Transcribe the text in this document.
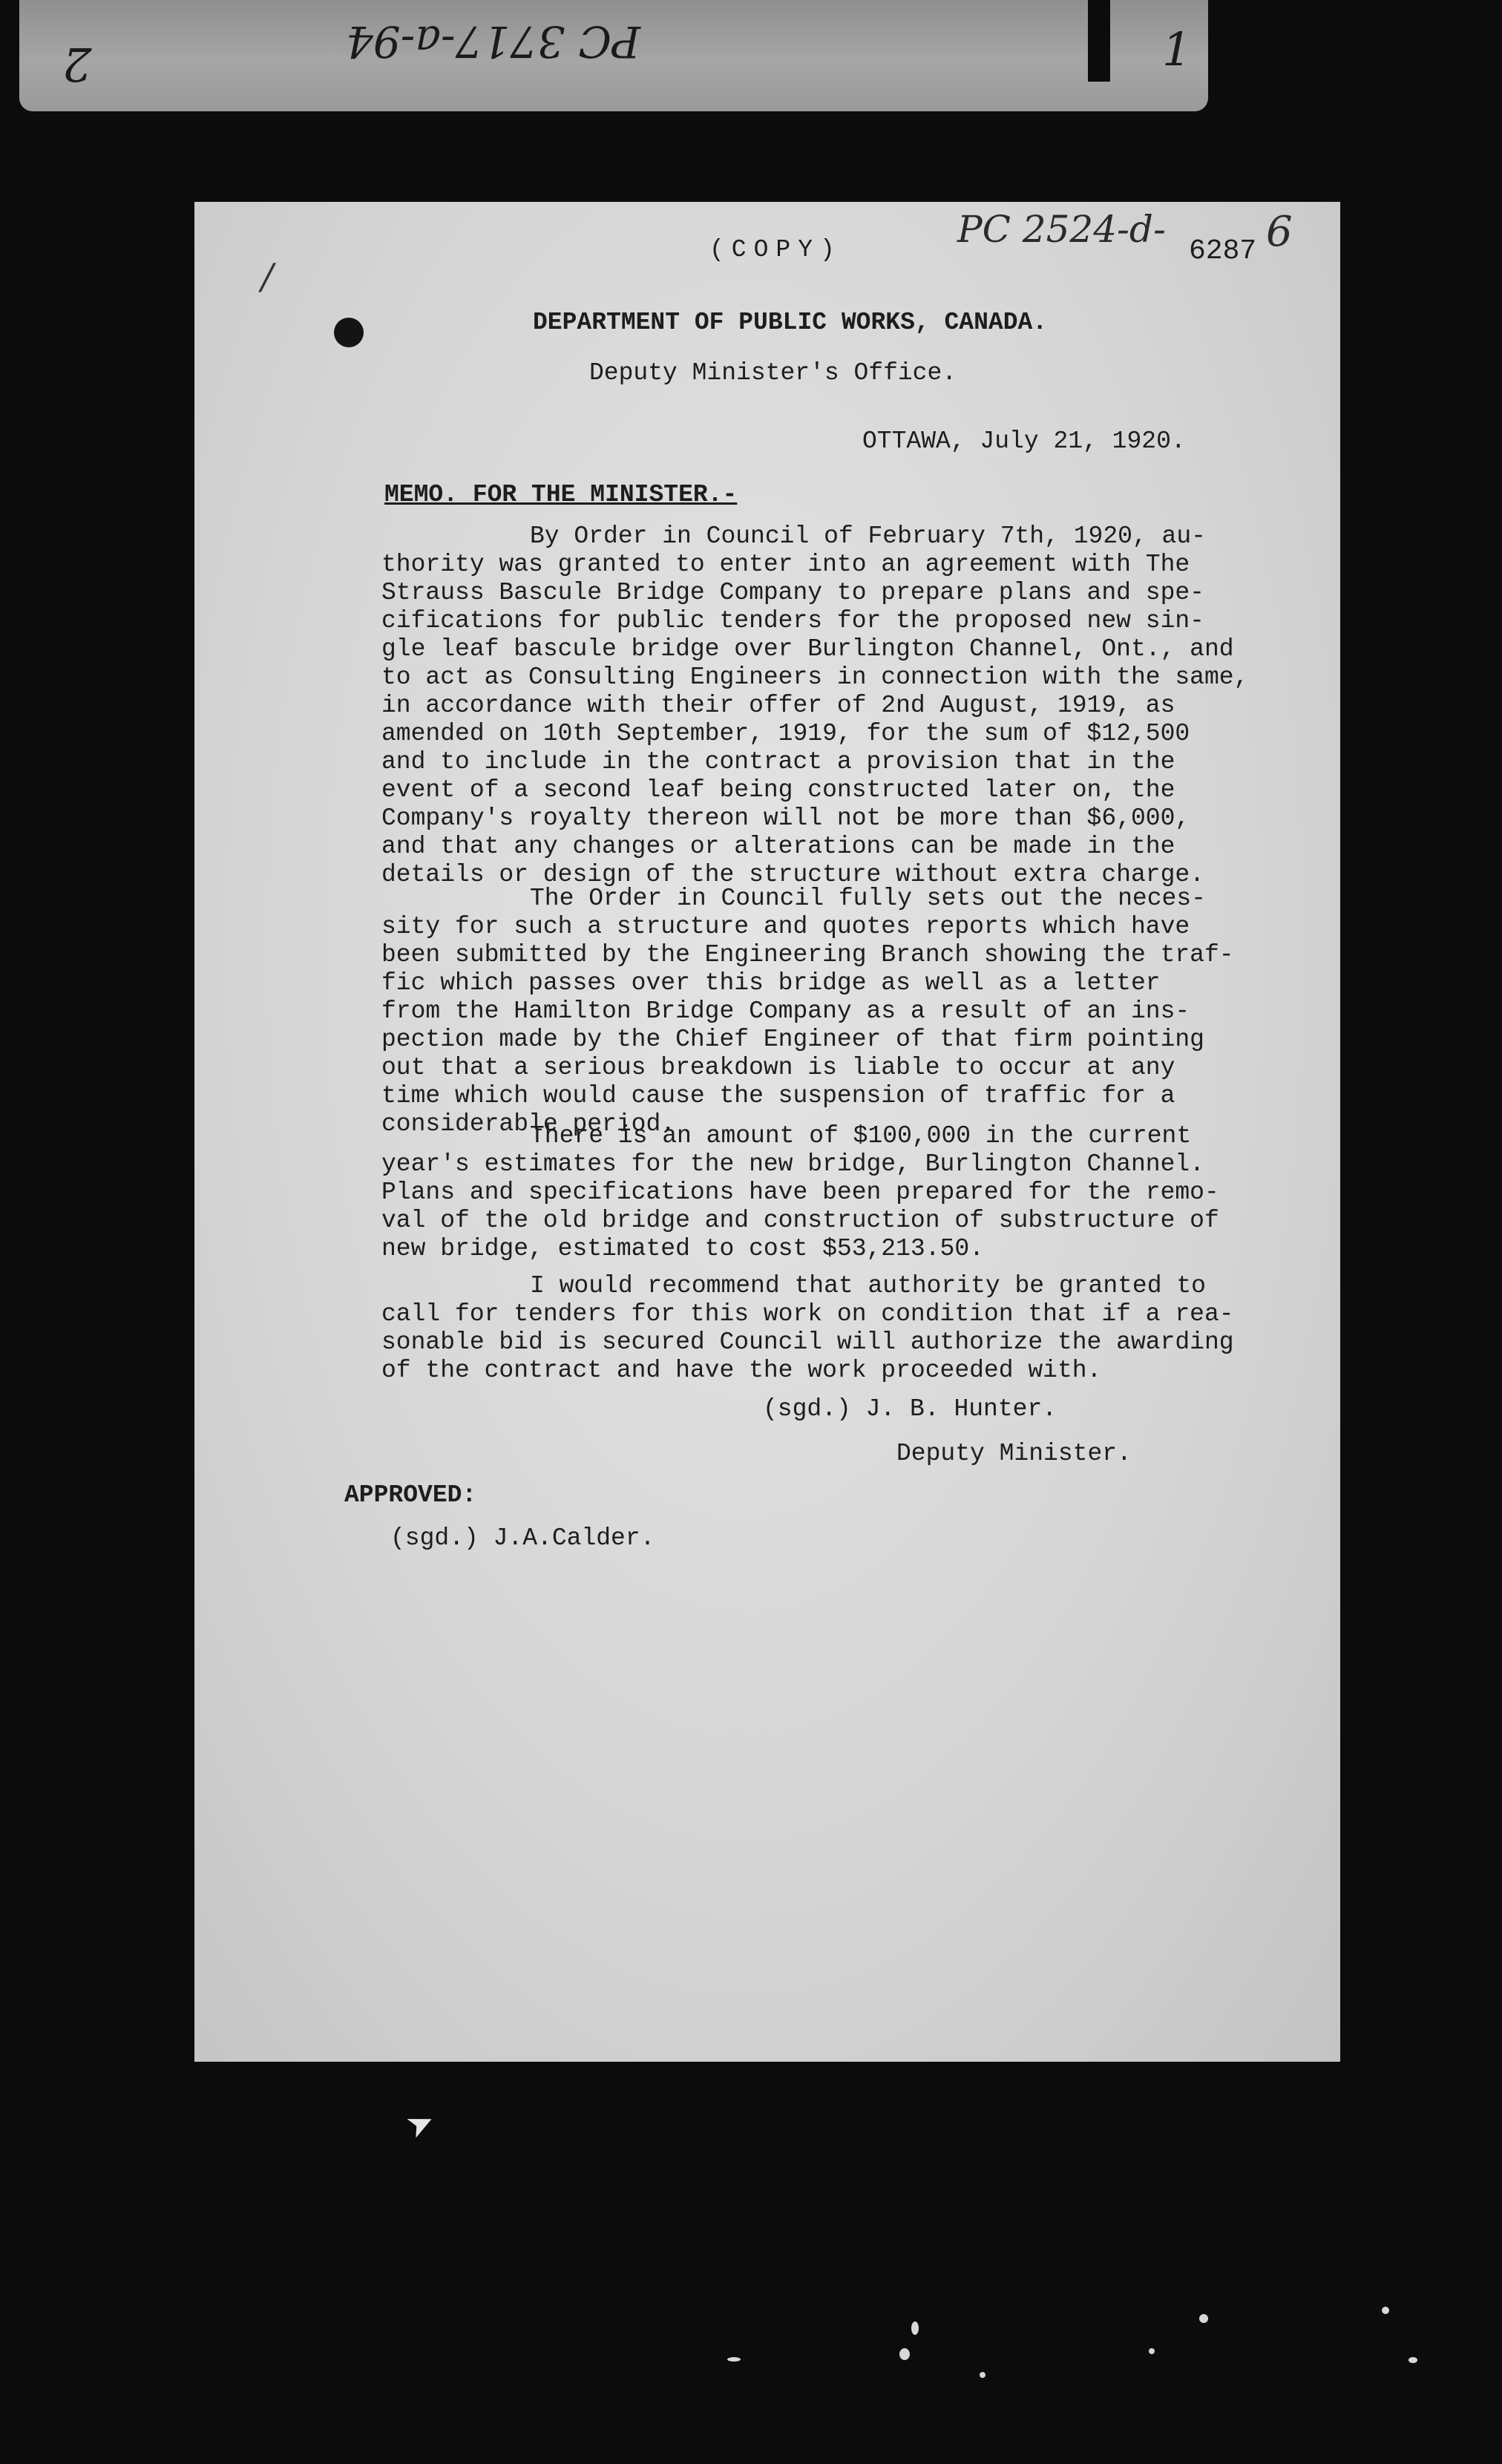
PC 3717-a-94
2	1
/
(COPY)	PC 2524-d-
6287 6
DEPARTMENT OF PUBLIC WORKS, CANADA.
Deputy Minister's Office.
OTTAWA, July 21, 1920.
MEMO. FOR THE MINISTER.-
By Order in Council of February 7th, 1920, au-
thority was granted to enter into an agreement with The
Strauss Bascule Bridge Company to prepare plans and spe-
cifications for public tenders for the proposed new sin-
gle leaf bascule bridge over Burlington Channel, Ont., and
to act as Consulting Engineers in connection with the same,
in accordance with their offer of 2nd August, 1919, as
amended on 10th September, 1919, for the sum of $12,500
and to include in the contract a provision that in the
event of a second leaf being constructed later on, the
Company's royalty thereon will not be more than $6,000,
and that any changes or alterations can be made in the
details or design of the structure without extra charge.
The Order in Council fully sets out the neces-
sity for such a structure and quotes reports which have
been submitted by the Engineering Branch showing the traf-
fic which passes over this bridge as well as a letter
from the Hamilton Bridge Company as a result of an ins-
pection made by the Chief Engineer of that firm pointing
out that a serious breakdown is liable to occur at any
time which would cause the suspension of traffic for a
considerable period.
There is an amount of $100,000 in the current
year's estimates for the new bridge, Burlington Channel.
Plans and specifications have been prepared for the remo-
val of the old bridge and construction of substructure of
new bridge, estimated to cost $53,213.50.
I would recommend that authority be granted to
call for tenders for this work on condition that if a rea-
sonable bid is secured Council will authorize the awarding
of the contract and have the work proceeded with.
(sgd.) J. B. Hunter.
Deputy Minister.
APPROVED:
(sgd.) J.A.Calder.
➤
